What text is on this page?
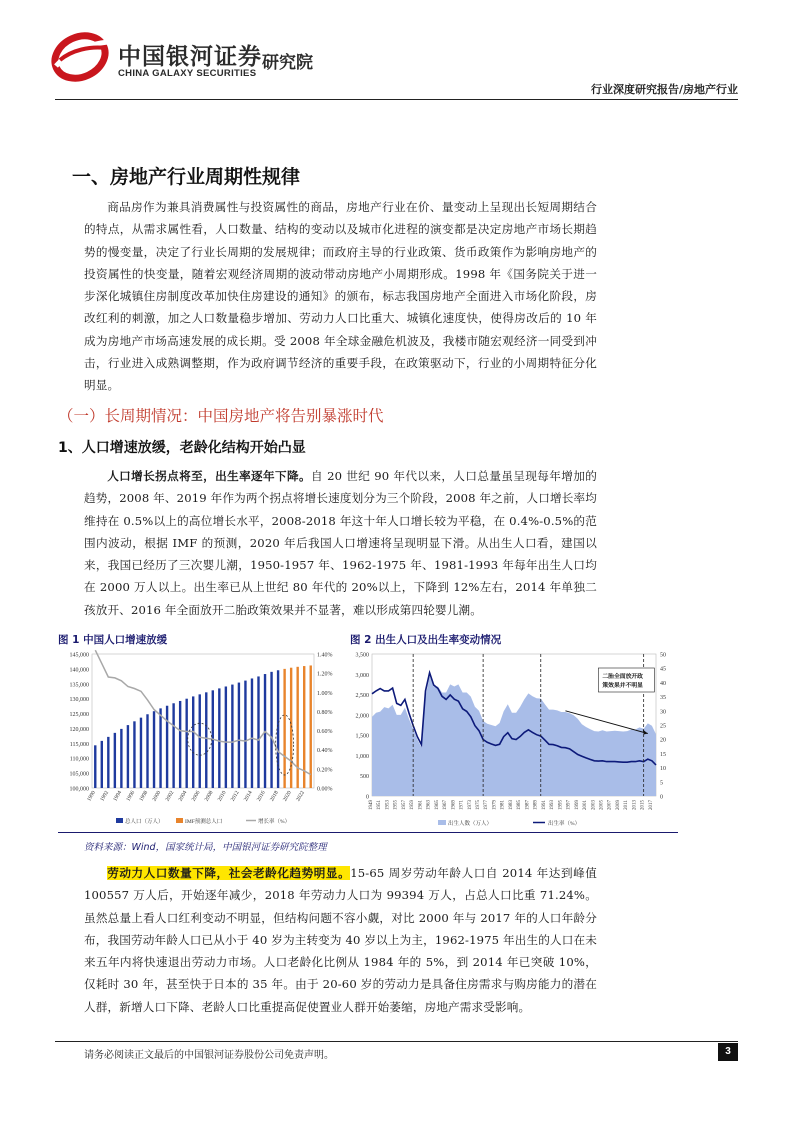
中国银河证券
CHINA GALAXY SECURITIES
研究院
行业深度研究报告/房地产行业
一、房地产行业周期性规律
商品房作为兼具消费属性与投资属性的商品，房地产行业在价、量变动上呈现出长短周期结合的特点，从需求属性看，人口数量、结构的变动以及城市化进程的演变都是决定房地产市场长期趋势的慢变量，决定了行业长周期的发展规律；而政府主导的行业政策、货币政策作为影响房地产的投资属性的快变量，随着宏观经济周期的波动带动房地产小周期形成。1998 年《国务院关于进一步深化城镇住房制度改革加快住房建设的通知》的颁布，标志我国房地产全面进入市场化阶段，房改红利的刺激，加之人口数量稳步增加、劳动力人口比重大、城镇化速度快，使得房改后的 10 年成为房地产市场高速发展的成长期。受 2008 年全球金融危机波及，我楼市随宏观经济一同受到冲击，行业进入成熟调整期，作为政府调节经济的重要手段，在政策驱动下，行业的小周期特征分化明显。
（一）长周期情况：中国房地产将告别暴涨时代
1、人口增速放缓，老龄化结构开始凸显
人口增长拐点将至，出生率逐年下降。自 20 世纪 90 年代以来，人口总量虽呈现每年增加的趋势，2008 年、2019 年作为两个拐点将增长速度划分为三个阶段，2008 年之前，人口增长率均维持在 0.5%以上的高位增长水平，2008-2018 年这十年人口增长较为平稳，在 0.4%-0.5%的范围内波动，根据 IMF 的预测，2020 年后我国人口增速将呈现明显下滑。从出生人口看，建国以来，我国已经历了三次婴儿潮，1950-1957 年、1962-1975 年、1981-1993 年每年出生人口均在 2000 万人以上。出生率已从上世纪 80 年代的 20%以上，下降到 12%左右，2014 年单独二孩放开、2016 年全面放开二胎政策效果并不显著，难以形成第四轮婴儿潮。
图 1 中国人口增速放缓	图 2 出生人口及出生率变动情况
100,000
105,000
110,000
115,000
120,000
125,000
130,000
135,000
140,000
145,000
0.00%
0.20%
0.40%
0.60%
0.80%
1.00%
1.20%
1.40%
1990 1992 1994 1996 1998 2000 2002 2004 2006 2008 2010 2012 2014 2016 2018 2020 2022
总人口（万人）	IMF预测总人口	增长率（%）
0
500
1,000
1,500
2,000
2,500
3,000
3,500
0
5
10
15
20
25
30
35
40
45
50
二胎全面放开政
策效果并不明显
1949 1951 1953 1955 1957 1959 1961 1963 1965 1967 1969 1971 1973 1975 1977 1979 1981 1983 1985 1987 1989 1991 1993 1995 1997 1999 2001 2003 2005 2007 2009 2011 2013 2015 2017
出生人数（万人）	出生率（%）
资料来源：Wind，国家统计局，中国银河证券研究院整理
劳动力人口数量下降，社会老龄化趋势明显。15-65 周岁劳动年龄人口自 2014 年达到峰值 100557 万人后，开始逐年减少，2018 年劳动力人口为 99394 万人，占总人口比重 71.24%。虽然总量上看人口红利变动不明显，但结构问题不容小觑，对比 2000 年与 2017 年的人口年龄分布，我国劳动年龄人口已从小于 40 岁为主转变为 40 岁以上为主，1962-1975 年出生的人口在未来五年内将快速退出劳动力市场。人口老龄化比例从 1984 年的 5%，到 2014 年已突破 10%，仅耗时 30 年，甚至快于日本的 35 年。由于 20-60 岁的劳动力是具备住房需求与购房能力的潜在人群，新增人口下降、老龄人口比重提高促使置业人群开始萎缩，房地产需求受影响。
请务必阅读正文最后的中国银河证券股份公司免责声明。	3
